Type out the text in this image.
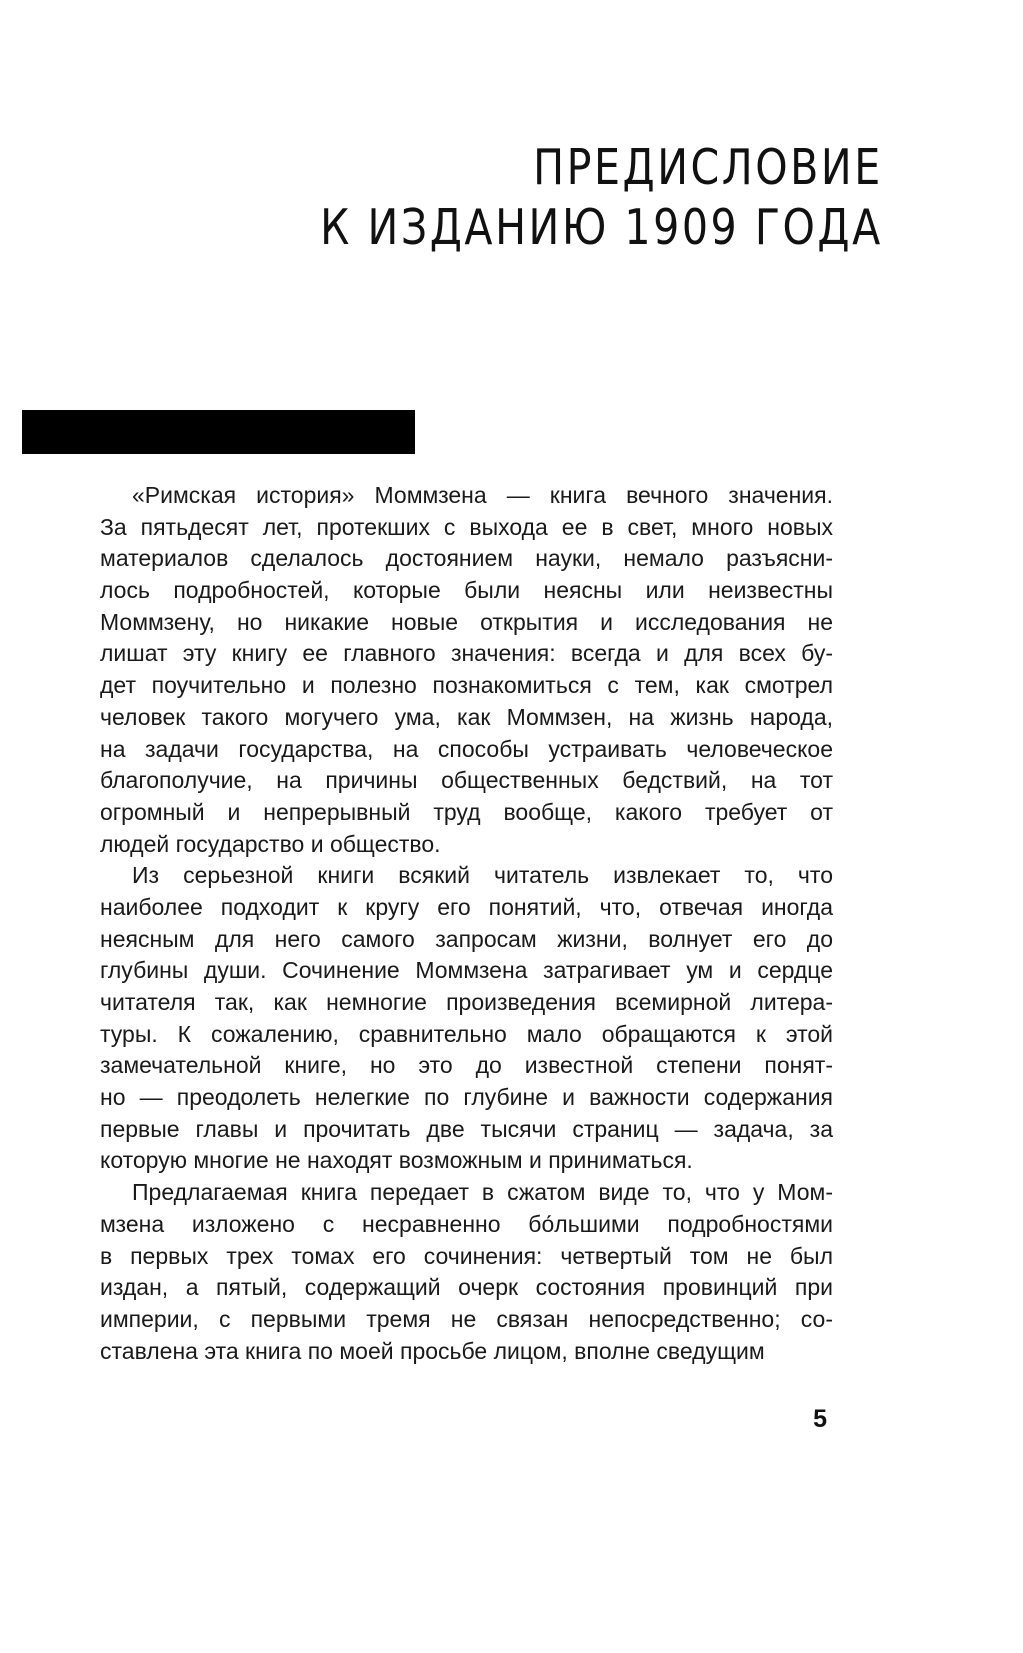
ПРЕДИСЛОВИЕ
К ИЗДАНИЮ 1909 ГОДА
«Римская история» Моммзена — книга вечного значения.
За пятьдесят лет, протекших с выхода ее в свет, много новых
материалов сделалось достоянием науки, немало разъясни-
лось подробностей, которые были неясны или неизвестны
Моммзену, но никакие новые открытия и исследования не
лишат эту книгу ее главного значения: всегда и для всех бу-
дет поучительно и полезно познакомиться с тем, как смотрел
человек такого могучего ума, как Моммзен, на жизнь народа,
на задачи государства, на способы устраивать человеческое
благополучие, на причины общественных бедствий, на тот
огромный и непрерывный труд вообще, какого требует от
людей государство и общество.
Из серьезной книги всякий читатель извлекает то, что
наиболее подходит к кругу его понятий, что, отвечая иногда
неясным для него самого запросам жизни, волнует его до
глубины души. Сочинение Моммзена затрагивает ум и сердце
читателя так, как немногие произведения всемирной литера-
туры. К сожалению, сравнительно мало обращаются к этой
замечательной книге, но это до известной степени понят-
но — преодолеть нелегкие по глубине и важности содержания
первые главы и прочитать две тысячи страниц — задача, за
которую многие не находят возможным и приниматься.
Предлагаемая книга передает в сжатом виде то, что у Мом-
мзена изложено с несравненно бо́льшими подробностями
в первых трех томах его сочинения: четвертый том не был
издан, а пятый, содержащий очерк состояния провинций при
империи, с первыми тремя не связан непосредственно; со-
ставлена эта книга по моей просьбе лицом, вполне сведущим
5
